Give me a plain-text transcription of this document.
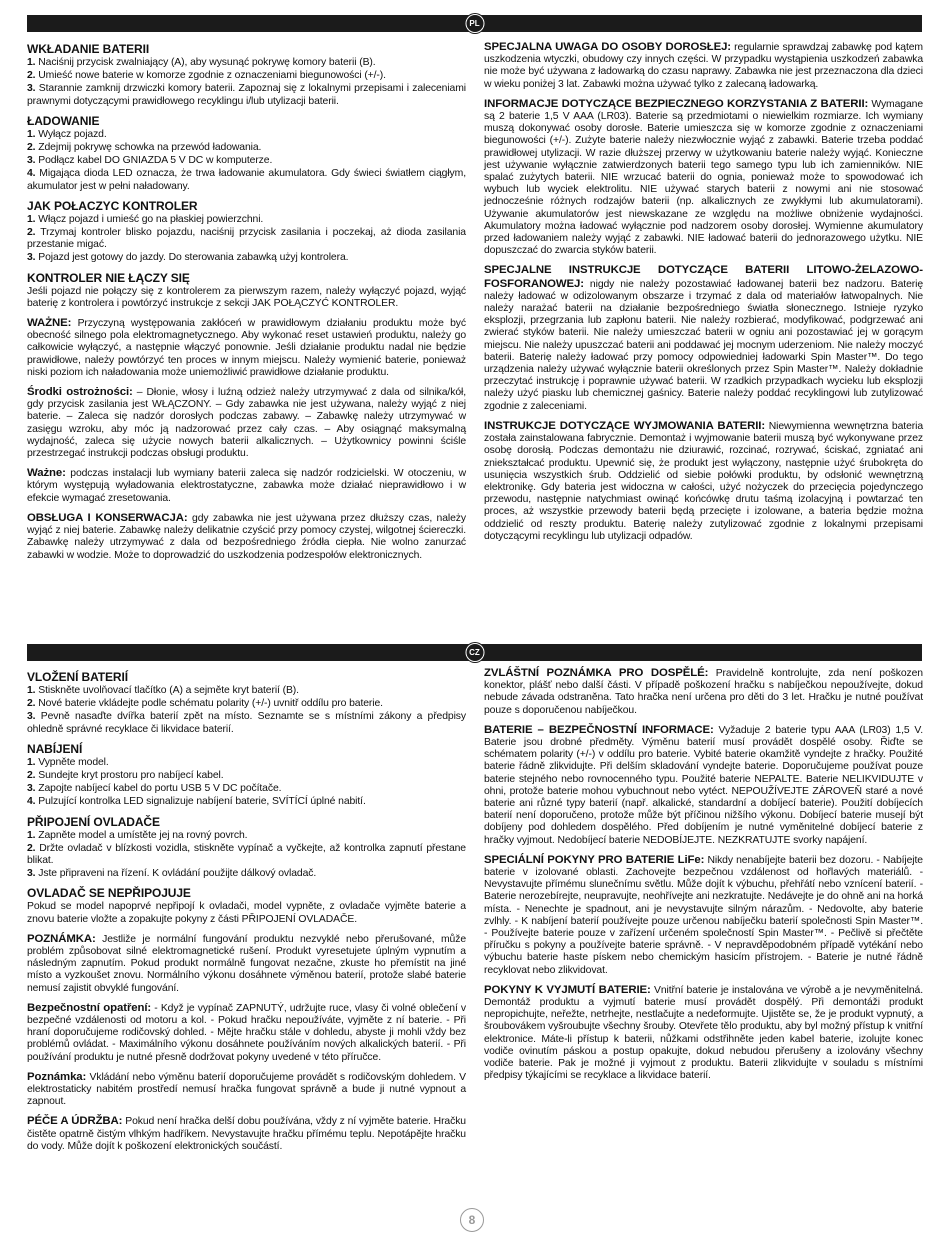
PL
WKŁADANIE BATERII

1. Naciśnij przycisk zwalniający (A), aby wysunąć pokrywę komory baterii (B).

2. Umieść nowe baterie w komorze zgodnie z oznaczeniami biegunowości (+/-).

3. Starannie zamknij drzwiczki komory baterii. Zapoznaj się z lokalnymi przepisami i zaleceniami prawnymi dotyczącymi prawidłowego recyklingu i/lub utylizacji baterii.

ŁADOWANIE

1. Wyłącz pojazd.

2. Zdejmij pokrywę schowka na przewód ładowania.

3. Podłącz kabel DO GNIAZDA 5 V DC w komputerze.

4. Migająca dioda LED oznacza, że trwa ładowanie akumulatora. Gdy świeci światłem ciągłym, akumulator jest w pełni naładowany.

JAK POŁACZYC KONTROLER

1. Włącz pojazd i umieść go na płaskiej powierzchni.

2. Trzymaj kontroler blisko pojazdu, naciśnij przycisk zasilania i poczekaj, aż dioda zasilania przestanie migać.

3. Pojazd jest gotowy do jazdy. Do sterowania zabawką użyj kontrolera.

KONTROLER NIE ŁĄCZY SIĘ

Jeśli pojazd nie połączy się z kontrolerem za pierwszym razem, należy wyłączyć pojazd, wyjąć baterię z kontrolera i powtórzyć instrukcje z sekcji JAK POŁĄCZYĆ KONTROLER.

WAŻNE: Przyczyną występowania zakłóceń w prawidłowym działaniu produktu może być obecność silnego pola elektromagnetycznego. Aby wykonać reset ustawień produktu, należy go całkowicie wyłączyć, a następnie włączyć ponownie. Jeśli działanie produktu nadal nie będzie prawidłowe, należy powtórzyć ten proces w innym miejscu. Należy wymienić baterie, ponieważ niski poziom ich naładowania może uniemożliwić prawidłowe działanie produktu.

Środki ostrożności: – Dłonie, włosy i luźną odzież należy utrzymywać z dala od silnika/kół, gdy przycisk zasilania jest WŁĄCZONY. – Gdy zabawka nie jest używana, należy wyjąć z niej baterie. – Zaleca się nadzór dorosłych podczas zabawy. – Zabawkę należy utrzymywać w zasięgu wzroku, aby móc ją nadzorować przez cały czas. – Aby osiągnąć maksymalną wydajność, zaleca się użycie nowych baterii alkalicznych. – Użytkownicy powinni ściśle przestrzegać instrukcji podczas obsługi produktu.

Ważne: podczas instalacji lub wymiany baterii zaleca się nadzór rodzicielski. W otoczeniu, w którym występują wyładowania elektrostatyczne, zabawka może działać nieprawidłowo i w efekcie wymagać zresetowania.

OBSŁUGA I KONSERWACJA: gdy zabawka nie jest używana przez dłuższy czas, należy wyjąć z niej baterie. Zabawkę należy delikatnie czyścić przy pomocy czystej, wilgotnej ściereczki. Zabawkę należy utrzymywać z dala od bezpośredniego źródła ciepła. Nie wolno zanurzać zabawki w wodzie. Może to doprowadzić do uszkodzenia podzespołów elektronicznych.

SPECJALNA UWAGA DO OSOBY DOROSŁEJ: regularnie sprawdzaj zabawkę pod kątem uszkodzenia wtyczki, obudowy czy innych części. W przypadku wystąpienia uszkodzeń zabawka nie może być używana z ładowarką do czasu naprawy. Zabawka nie jest przeznaczona dla dzieci w wieku poniżej 3 lat. Zabawki można używać tylko z zalecaną ładowarką.

INFORMACJE DOTYCZĄCE BEZPIECZNEGO KORZYSTANIA Z BATERII: Wymagane są 2 baterie 1,5 V AAA (LR03). Baterie są przedmiotami o niewielkim rozmiarze. Ich wymiany muszą dokonywać osoby dorosłe. Baterie umieszcza się w komorze zgodnie z oznaczeniami biegunowości (+/-). Zużyte baterie należy niezwłocznie wyjąć z zabawki. Baterie trzeba poddać prawidłowej utylizacji. W razie dłuższej przerwy w użytkowaniu baterie należy wyjąć. Konieczne jest używanie wyłącznie zatwierdzonych baterii tego samego typu lub ich zamienników. NIE spalać zużytych baterii. NIE wrzucać baterii do ognia, ponieważ może to spowodować ich wybuch lub wyciek elektrolitu. NIE używać starych baterii z nowymi ani nie stosować jednocześnie różnych rodzajów baterii (np. alkalicznych ze zwykłymi lub akumulatorami). Używanie akumulatorów jest niewskazane ze względu na możliwe obniżenie wydajności. Akumulatory można ładować wyłącznie pod nadzorem osoby dorosłej. Wymienne akumulatory przed ładowaniem należy wyjąć z zabawki. NIE ładować baterii do jednorazowego użytku. NIE dopuszczać do zwarcia styków baterii.

SPECJALNE INSTRUKCJE DOTYCZĄCE BATERII LITOWO-ŻELAZOWO-FOSFORANOWEJ: nigdy nie należy pozostawiać ładowanej baterii bez nadzoru. Baterię należy ładować w odizolowanym obszarze i trzymać z dala od materiałów łatwopalnych. Nie należy narażać baterii na działanie bezpośredniego światła słonecznego. Istnieje ryzyko eksplozji, przegrzania lub zapłonu baterii. Nie należy rozbierać, modyfikować, podgrzewać ani zwierać styków baterii. Nie należy umieszczać baterii w ogniu ani pozostawiać jej w gorącym miejscu. Nie należy upuszczać baterii ani poddawać jej mocnym uderzeniom. Nie należy moczyć baterii. Baterię należy ładować przy pomocy odpowiedniej ładowarki Spin Master™. Do tego urządzenia należy używać wyłącznie baterii określonych przez Spin Master™. Należy dokładnie przeczytać instrukcję i poprawnie używać baterii. W rzadkich przypadkach wycieku lub eksplozji należy użyć piasku lub chemicznej gaśnicy. Baterie należy poddać recyklingowi lub zutylizować zgodnie z zaleceniami.

INSTRUKCJE DOTYCZĄCE WYJMOWANIA BATERII: Niewymienna wewnętrzna bateria została zainstalowana fabrycznie. Demontaż i wyjmowanie baterii muszą być wykonywane przez osobę dorosłą. Podczas demontażu nie dziurawić, rozcinać, rozrywać, ściskać, zgniatać ani zniekształcać produktu. Upewnić się, że produkt jest wyłączony, następnie użyć śrubokręta do usunięcia wszystkich śrub. Oddzielić od siebie połówki produktu, by odsłonić wewnętrzną elektronikę. Gdy bateria jest widoczna w całości, użyć nożyczek do przecięcia pojedynczego przewodu, następnie natychmiast owinąć końcówkę drutu taśmą izolacyjną i powtarzać ten proces, aż wszystkie przewody baterii będą przecięte i izolowane, a bateria będzie można oddzielić od reszty produktu. Baterię należy zutylizować zgodnie z lokalnymi przepisami dotyczącymi recyklingu lub utylizacji odpadów.

CZ
VLOŽENÍ BATERIÍ

1. Stiskněte uvolňovací tlačítko (A) a sejměte kryt baterií (B).

2. Nové baterie vkládejte podle schématu polarity (+/-) uvnitř oddílu pro baterie.

3. Pevně nasaďte dvířka baterií zpět na místo. Seznamte se s místními zákony a předpisy ohledně správné recyklace či likvidace baterií.

NABÍJENÍ

1. Vypněte model.

2. Sundejte kryt prostoru pro nabíjecí kabel.

3. Zapojte nabíjecí kabel do portu USB 5 V DC počítače.

4. Pulzující kontrolka LED signalizuje nabíjení baterie, SVÍTÍCÍ úplné nabití.

PŘIPOJENÍ OVLADAČE

1. Zapněte model a umístěte jej na rovný povrch.

2. Držte ovladač v blízkosti vozidla, stiskněte vypínač a vyčkejte, až kontrolka zapnutí přestane blikat.

3. Jste připraveni na řízení. K ovládání použijte dálkový ovladač.

OVLADAČ SE NEPŘIPOJUJE

Pokud se model napoprvé nepřipojí k ovladači, model vypněte, z ovladače vyjměte baterie a znovu baterie vložte a zopakujte pokyny z části PŘIPOJENÍ OVLADAČE.

POZNÁMKA: Jestliže je normální fungování produktu nezvyklé nebo přerušované, může problém způsobovat silné elektromagnetické rušení. Produkt vyresetujete úplným vypnutím a následným zapnutím. Pokud produkt normálně fungovat nezačne, zkuste ho přemístit na jiné místo a vyzkoušet znovu. Normálního výkonu dosáhnete výměnou baterií, protože slabé baterie nemusí zajistit obvyklé fungování.

Bezpečnostní opatření: - Když je vypínač ZAPNUTÝ, udržujte ruce, vlasy či volné oblečení v bezpečné vzdálenosti od motoru a kol. - Pokud hračku nepoužíváte, vyjměte z ní baterie. - Při hraní doporučujeme rodičovský dohled. - Mějte hračku stále v dohledu, abyste ji mohli vždy bez problémů ovládat. - Maximálního výkonu dosáhnete používáním nových alkalických baterií. - Při používání produktu je nutné přesně dodržovat pokyny uvedené v této příručce.

Poznámka: Vkládání nebo výměnu baterií doporučujeme provádět s rodičovským dohledem. V elektrostaticky nabitém prostředí nemusí hračka fungovat správně a bude ji nutné vypnout a zapnout.

PÉČE A ÚDRŽBA: Pokud není hračka delší dobu používána, vždy z ní vyjměte baterie. Hračku čistěte opatrně čistým vlhkým hadříkem. Nevystavujte hračku přímému teplu. Nepotápějte hračku do vody. Může dojít k poškození elektronických součástí.

ZVLÁŠTNÍ POZNÁMKA PRO DOSPĚLÉ: Pravidelně kontrolujte, zda není poškozen konektor, plášť nebo další části. V případě poškození hračku s nabíječkou nepoužívejte, dokud nebude závada odstraněna. Tato hračka není určena pro děti do 3 let. Hračku je nutné používat pouze s doporučenou nabíječkou.

BATERIE – BEZPEČNOSTNÍ INFORMACE: Vyžaduje 2 baterie typu AAA (LR03) 1,5 V. Baterie jsou drobné předměty. Výměnu baterií musí provádět dospělé osoby. Řiďte se schématem polarity (+/-) v oddílu pro baterie. Vybité baterie okamžitě vyndejte z hračky. Použité baterie řádně zlikvidujte. Při delším skladování vyndejte baterie. Doporučujeme používat pouze baterie stejného nebo rovnocenného typu. Použité baterie NEPALTE. Baterie NELIKVIDUJTE v ohni, protože baterie mohou vybuchnout nebo vytéct. NEPOUŽÍVEJTE ZÁROVEŇ staré a nové baterie ani různé typy baterií (např. alkalické, standardní a dobíjecí baterie). Použití dobíjecích baterií není doporučeno, protože může být příčinou nižšího výkonu. Dobíjecí baterie musejí být dobíjeny pod dohledem dospělého. Před dobíjením je nutné vyměnitelné dobíjecí baterie z hračky vyjmout. Nedobíjecí baterie NEDOBÍJEJTE. NEZKRATUJTE svorky napájení.

SPECIÁLNÍ POKYNY PRO BATERIE LiFe: Nikdy nenabíjejte baterii bez dozoru. - Nabíjejte baterie v izolované oblasti. Zachovejte bezpečnou vzdálenost od hořlavých materiálů. - Nevystavujte přímému slunečnímu světlu. Může dojít k výbuchu, přehřátí nebo vznícení baterií. - Baterie nerozebírejte, neupravujte, neohřívejte ani nezkratujte. Nedávejte je do ohně ani na horká místa. - Nenechte je spadnout, ani je nevystavujte silným nárazům. - Nedovolte, aby baterie zvlhly. - K nabíjení baterií používejte pouze určenou nabíječku baterií společnosti Spin Master™. - Používejte baterie pouze v zařízení určeném společností Spin Master™. - Pečlivě si přečtěte příručku s pokyny a používejte baterie správně. - V nepravděpodobném případě vytékání nebo výbuchu baterie haste pískem nebo chemickým hasicím přístrojem. - Baterie je nutné řádně recyklovat nebo zlikvidovat.

POKYNY K VYJMUTÍ BATERIE: Vnitřní baterie je instalována ve výrobě a je nevyměnitelná. Demontáž produktu a vyjmutí baterie musí provádět dospělý. Při demontáži produkt nepropichujte, neřežte, netrhejte, nestlačujte a nedeformujte. Ujistěte se, že je produkt vypnutý, a šroubovákem vyšroubujte všechny šrouby. Otevřete tělo produktu, aby byl možný přístup k vnitřní elektronice. Máte-li přístup k baterii, nůžkami odstřihněte jeden kabel baterie, izolujte konec vodiče ovinutím páskou a postup opakujte, dokud nebudou přerušeny a izolovány všechny vodiče baterie. Pak je možné ji vyjmout z produktu. Baterii zlikvidujte v souladu s místními předpisy týkajícími se recyklace a likvidace baterií.

8
